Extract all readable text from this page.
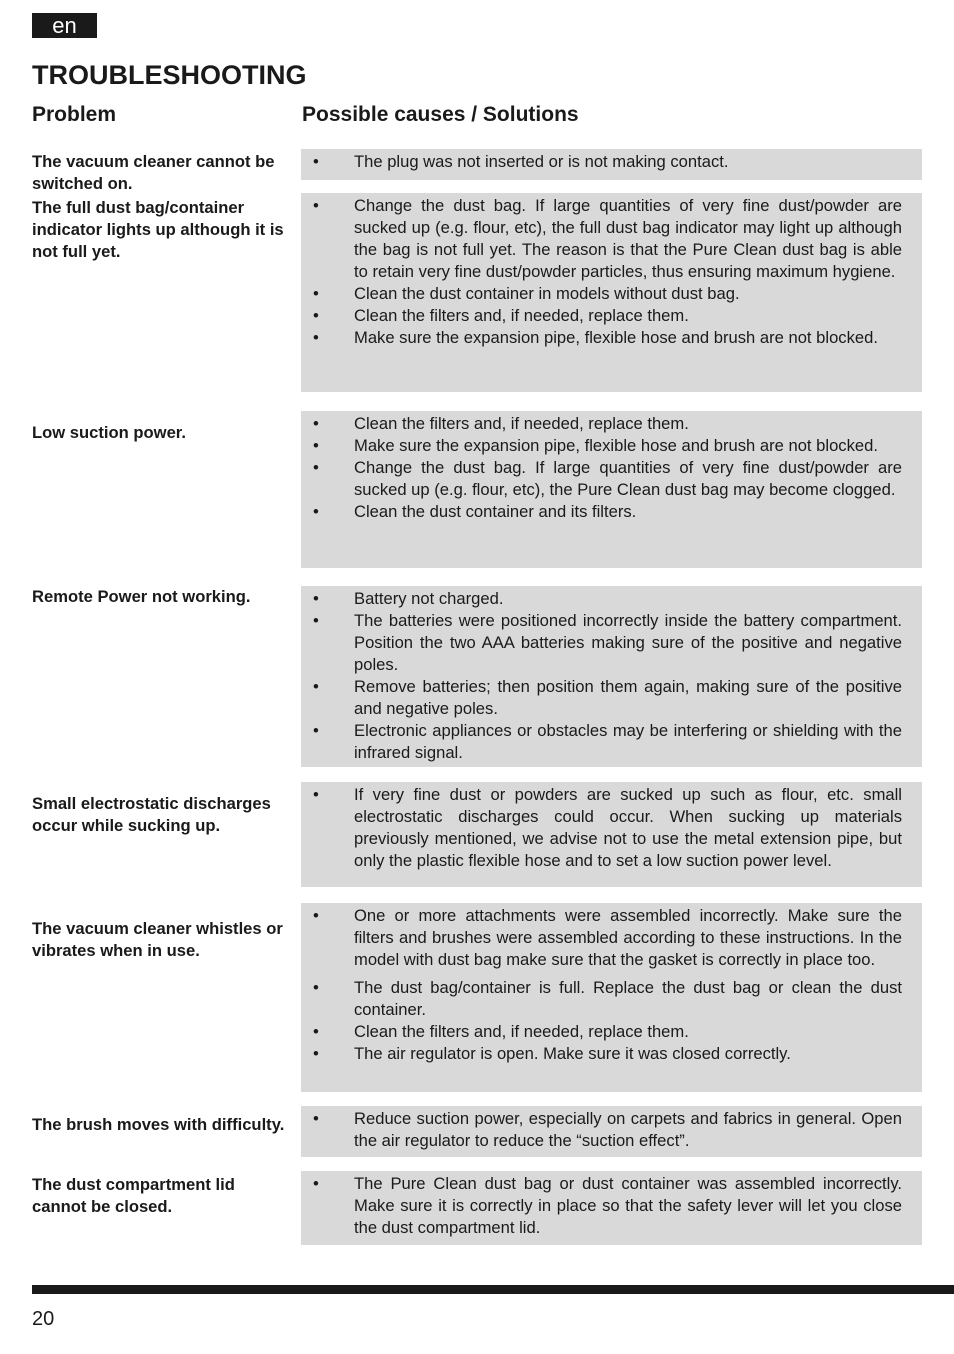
en
TROUBLESHOOTING
Problem	Possible causes / Solutions
The vacuum cleaner cannot be switched on.
• The plug was not inserted or is not making contact.
The full dust bag/container indicator lights up although it is not full yet.
• Change the dust bag. If large quantities of very fine dust/powder are sucked up (e.g. flour, etc), the full dust bag indicator may light up although the bag is not full yet. The reason is that the Pure Clean dust bag is able to retain very fine dust/powder particles, thus ensuring maximum hygiene.
• Clean the dust container in models without dust bag.
• Clean the filters and, if needed, replace them.
• Make sure the expansion pipe, flexible hose and brush are not blocked.
Low suction power.	• Clean the filters and, if needed, replace them.
• Make sure the expansion pipe, flexible hose and brush are not blocked.
• Change the dust bag. If large quantities of very fine dust/powder are sucked up (e.g. flour, etc), the Pure Clean dust bag may become clogged.
• Clean the dust container and its filters.
Remote Power not working.	• Battery not charged.
• The batteries were positioned incorrectly inside the battery compartment. Position the two AAA batteries making sure of the positive and negative poles.
• Remove batteries; then position them again, making sure of the positive and negative poles.
• Electronic appliances or obstacles may be interfering or shielding with the infrared signal.
Small electrostatic discharges occur while sucking up.
• If very fine dust or powders are sucked up such as flour, etc. small electrostatic discharges could occur. When sucking up materials previously mentioned, we advise not to use the metal extension pipe, but only the plastic flexible hose and to set a low suction power level.
The vacuum cleaner whistles or vibrates when in use.
• One or more attachments were assembled incorrectly. Make sure the filters and brushes were assembled according to these instructions. In the model with dust bag make sure that the gasket is correctly in place too.
• The dust bag/container is full. Replace the dust bag or clean the dust container.
• Clean the filters and, if needed, replace them.
• The air regulator is open. Make sure it was closed correctly.
The brush moves with difficulty.	• Reduce suction power, especially on carpets and fabrics in general. Open the air regulator to reduce the “suction effect”.
The dust compartment lid cannot be closed.
• The Pure Clean dust bag or dust container was assembled incorrectly. Make sure it is correctly in place so that the safety lever will let you close the dust compartment lid.
20
